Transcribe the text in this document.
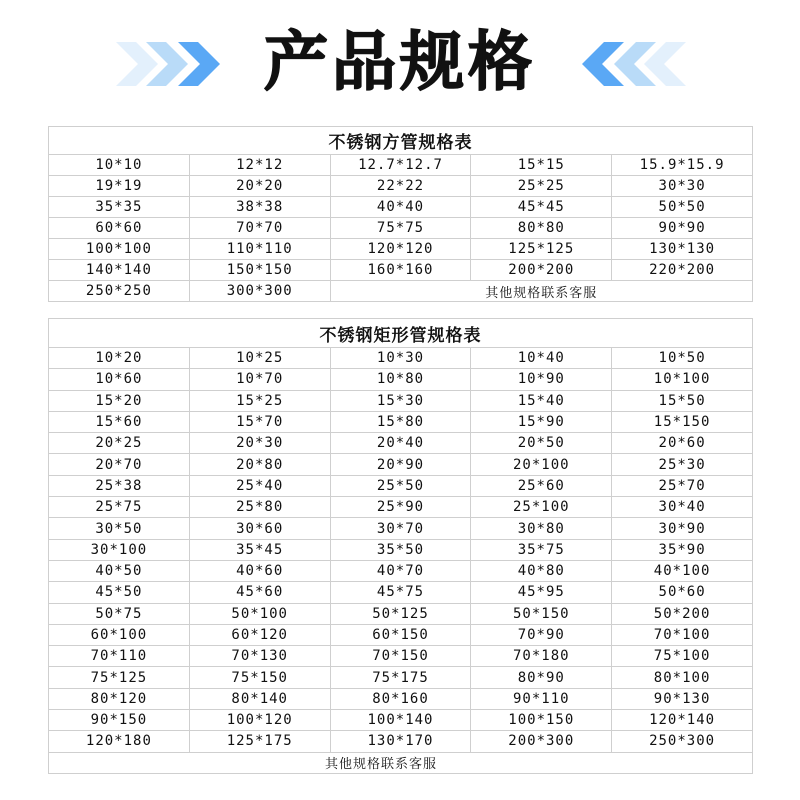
产品规格
不锈钢方管规格表				
10*10	12*12	12.7*12.7	15*15	15.9*15.9
19*19	20*20	22*22	25*25	30*30
35*35	38*38	40*40	45*45	50*50
60*60	70*70	75*75	80*80	90*90
100*100	110*110	120*120	125*125	130*130
140*140	150*150	160*160	200*200	220*200
250*250	300*300	其他规格联系客服		
不锈钢矩形管规格表				
10*20	10*25	10*30	10*40	10*50
10*60	10*70	10*80	10*90	10*100
15*20	15*25	15*30	15*40	15*50
15*60	15*70	15*80	15*90	15*150
20*25	20*30	20*40	20*50	20*60
20*70	20*80	20*90	20*100	25*30
25*38	25*40	25*50	25*60	25*70
25*75	25*80	25*90	25*100	30*40
30*50	30*60	30*70	30*80	30*90
30*100	35*45	35*50	35*75	35*90
40*50	40*60	40*70	40*80	40*100
45*50	45*60	45*75	45*95	50*60
50*75	50*100	50*125	50*150	50*200
60*100	60*120	60*150	70*90	70*100
70*110	70*130	70*150	70*180	75*100
75*125	75*150	75*175	80*90	80*100
80*120	80*140	80*160	90*110	90*130
90*150	100*120	100*140	100*150	120*140
120*180	125*175	130*170	200*300	250*300
其他规格联系客服				
